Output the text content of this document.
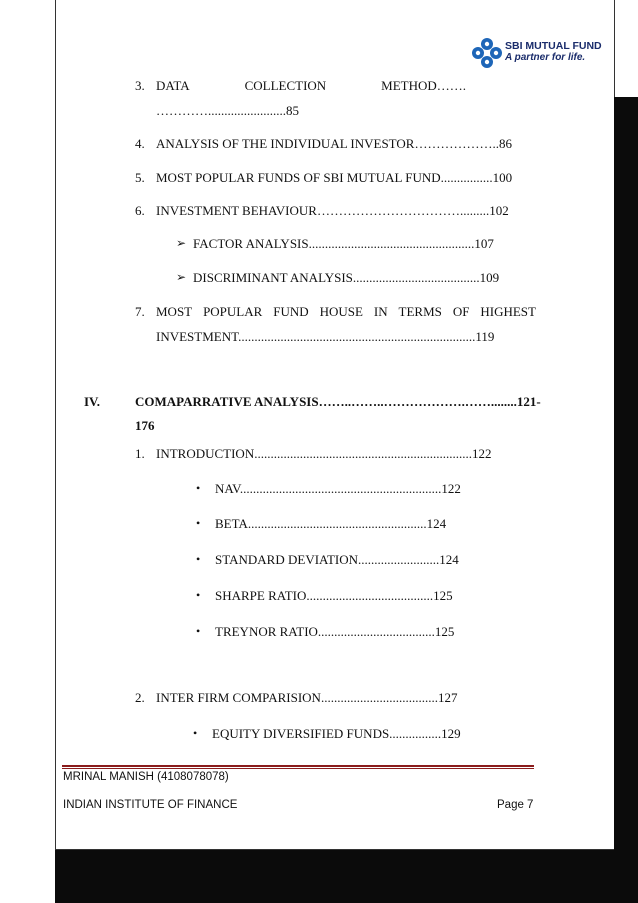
SBI MUTUAL FUND
A partner for life.
3. DATA	COLLECTION	METHOD…….
…………........................85
4. ANALYSIS OF THE INDIVIDUAL INVESTOR………………..86
5. MOST POPULAR FUNDS OF SBI MUTUAL FUND................100
6. INVESTMENT BEHAVIOUR…………………………….........102
➢ FACTOR ANALYSIS...................................................107
➢ DISCRIMINANT ANALYSIS.......................................109
7. MOST POPULAR FUND HOUSE IN TERMS OF HIGHEST
INVESTMENT.........................................................................119
IV.	COMAPARRATIVE ANALYSIS……..……..……………….……........121-
176
1. INTRODUCTION...................................................................122
• NAV..............................................................122
• BETA.......................................................124
• STANDARD DEVIATION.........................124
• SHARPE RATIO.......................................125
• TREYNOR RATIO....................................125
2. INTER FIRM COMPARISION....................................127
• EQUITY DIVERSIFIED FUNDS................129
MRINAL MANISH (4108078078)
INDIAN INSTITUTE OF FINANCE	Page 7
